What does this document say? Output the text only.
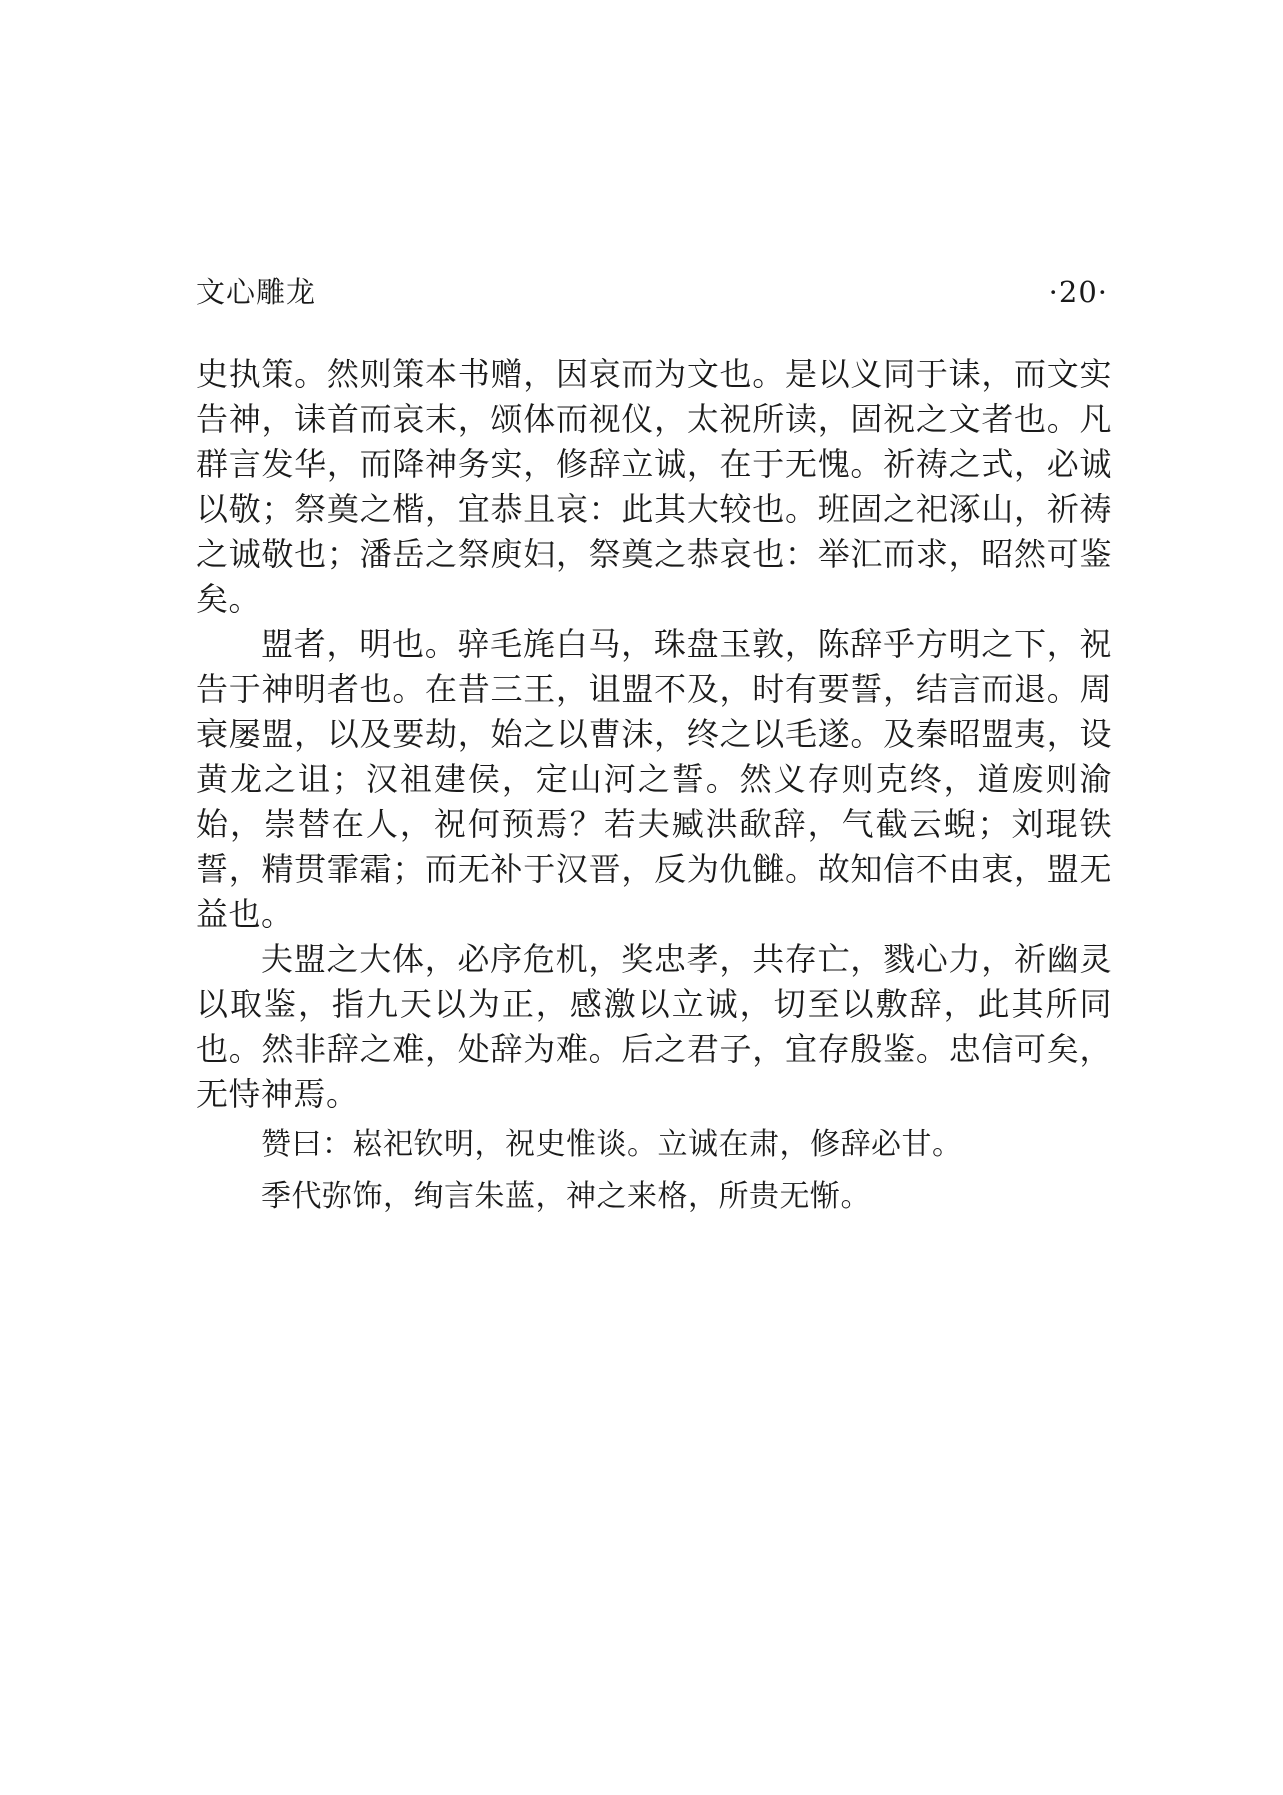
文心雕龙	·20·

史执策。然则策本书赠，因哀而为文也。是以义同于诔，而文实告神，诔首而哀末，颂体而视仪，太祝所读，固祝之文者也。凡群言发华，而降神务实，修辞立诚，在于无愧。祈祷之式，必诚以敬；祭奠之楷，宜恭且哀：此其大较也。班固之祀涿山，祈祷之诚敬也；潘岳之祭庾妇，祭奠之恭哀也：举汇而求，昭然可鉴矣。

盟者，明也。骍毛旄白马，珠盘玉敦，陈辞乎方明之下，祝告于神明者也。在昔三王，诅盟不及，时有要誓，结言而退。周衰屡盟，以及要劫，始之以曹沫，终之以毛遂。及秦昭盟夷，设黄龙之诅；汉祖建侯，定山河之誓。然义存则克终，道废则渝始，崇替在人，祝何预焉？若夫臧洪歃辞，气截云蜺；刘琨铁誓，精贯霏霜；而无补于汉晋，反为仇雠。故知信不由衷，盟无益也。

夫盟之大体，必序危机，奖忠孝，共存亡，戮心力，祈幽灵以取鉴，指九天以为正，感激以立诚，切至以敷辞，此其所同也。然非辞之难，处辞为难。后之君子，宜存殷鉴。忠信可矣，无恃神焉。

赞曰：崧祀钦明，祝史惟谈。立诚在肃，修辞必甘。

季代弥饰，绚言朱蓝，神之来格，所贵无惭。
